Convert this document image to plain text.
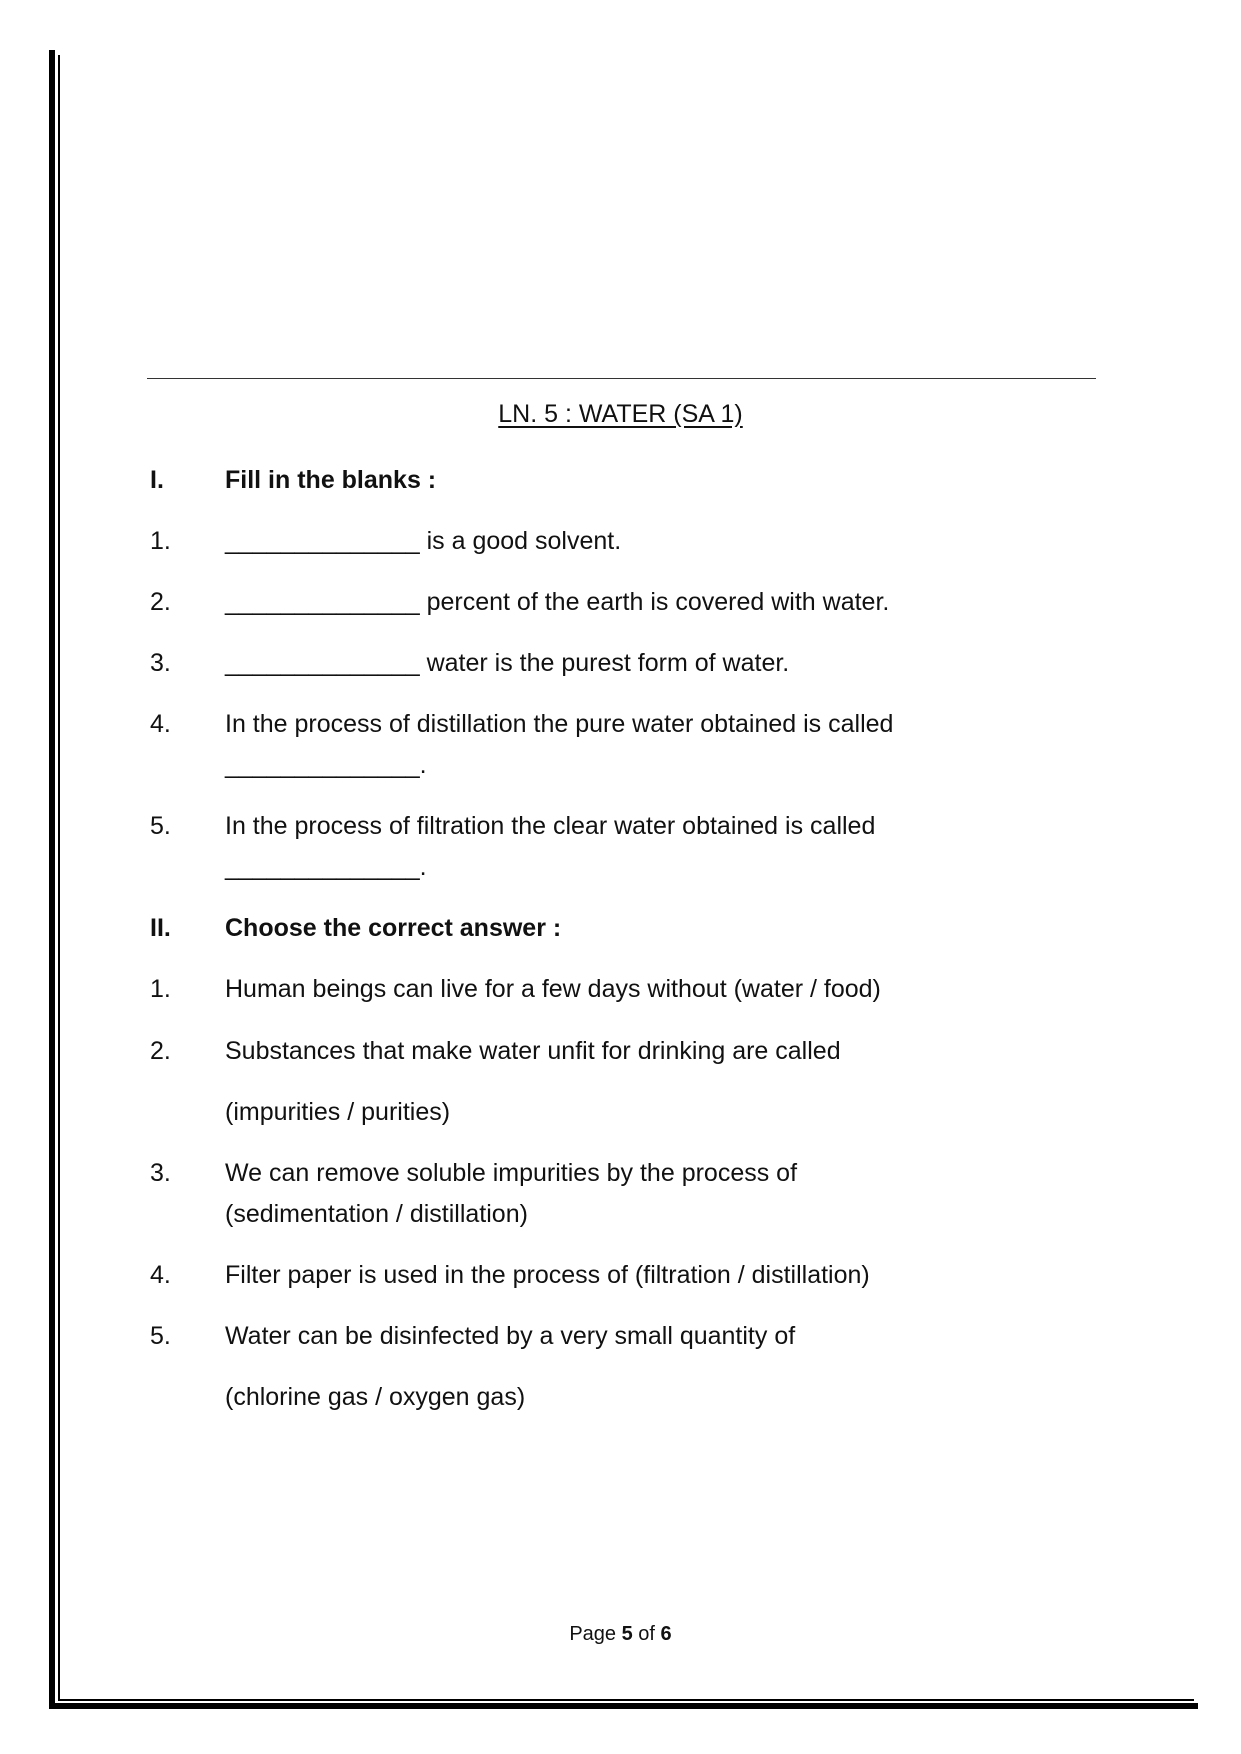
LN. 5 : WATER (SA 1)
I. Fill in the blanks :
1. ______________ is a good solvent.
2. ______________ percent of the earth is covered with water.
3. ______________ water is the purest form of water.
4. In the process of distillation the pure water obtained is called
______________.
5. In the process of filtration the clear water obtained is called
______________.
II. Choose the correct answer :
1. Human beings can live for a few days without (water / food)
2. Substances that make water unfit for drinking are called
(impurities / purities)
3. We can remove soluble impurities by the process of
(sedimentation / distillation)
4. Filter paper is used in the process of (filtration / distillation)
5. Water can be disinfected by a very small quantity of
(chlorine gas / oxygen gas)
Page 5 of 6
